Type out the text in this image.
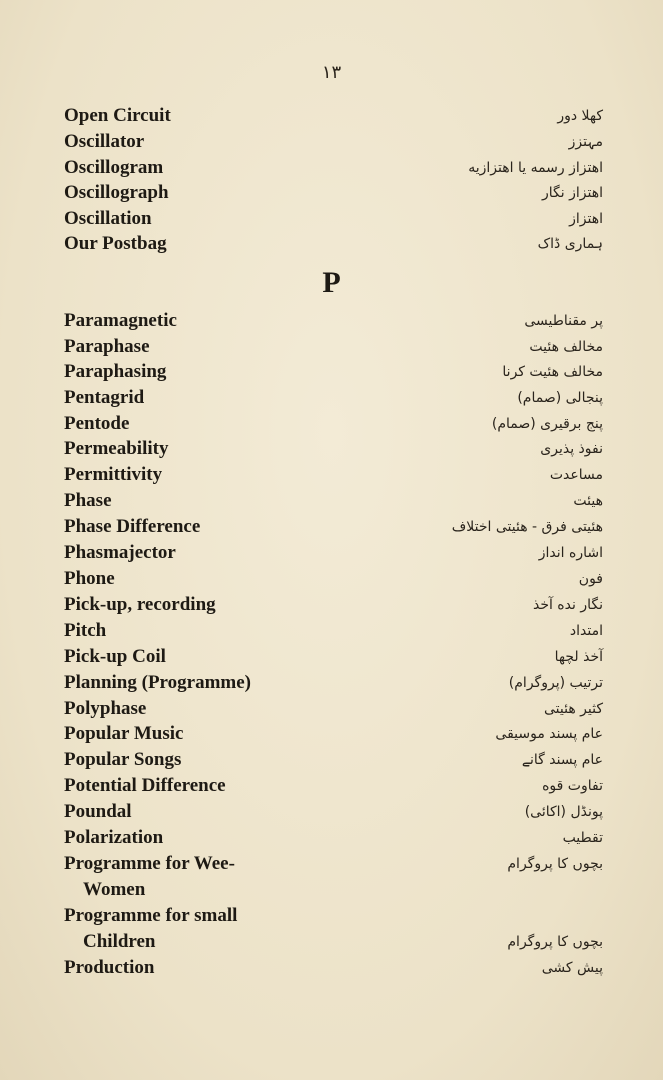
۱۳
Open Circuit	کھلا دور
Oscillator	مہتزز
Oscillogram	اهتزاز رسمه یا اهتزازیه
Oscillograph	اهتزاز نگار
Oscillation	اهتزاز
Our Postbag	ہماری ڈاک
P
Paramagnetic	پر مقناطیسی
Paraphase	مخالف هئیت
Paraphasing	مخالف هئیت کرنا
Pentagrid	پنجالی (صمام)
Pentode	پنج برقیری (صمام)
Permeability	نفوذ پذیری
Permittivity	مساعدت
Phase	هیئت
Phase Difference	هئیتی فرق - هئیتی اختلاف
Phasmajector	اشاره انداز
Phone	فون
Pick-up, recording	نگار نده آخذ
Pitch	امتداد
Pick-up Coil	آخذ لچھا
Planning (Programme)	ترتیب (پروگرام)
Polyphase	کثیر هئیتی
Popular Music	عام پسند موسیقی
Popular Songs	عام پسند گانے
Potential Difference	تفاوت قوه
Poundal	پونڈل (اکائی)
Polarization	تقطیب
Programme for Wee-	بچوں کا پروگرام
Women
Programme for small
Children	بچوں کا پروگرام
Production	پیش کشی
